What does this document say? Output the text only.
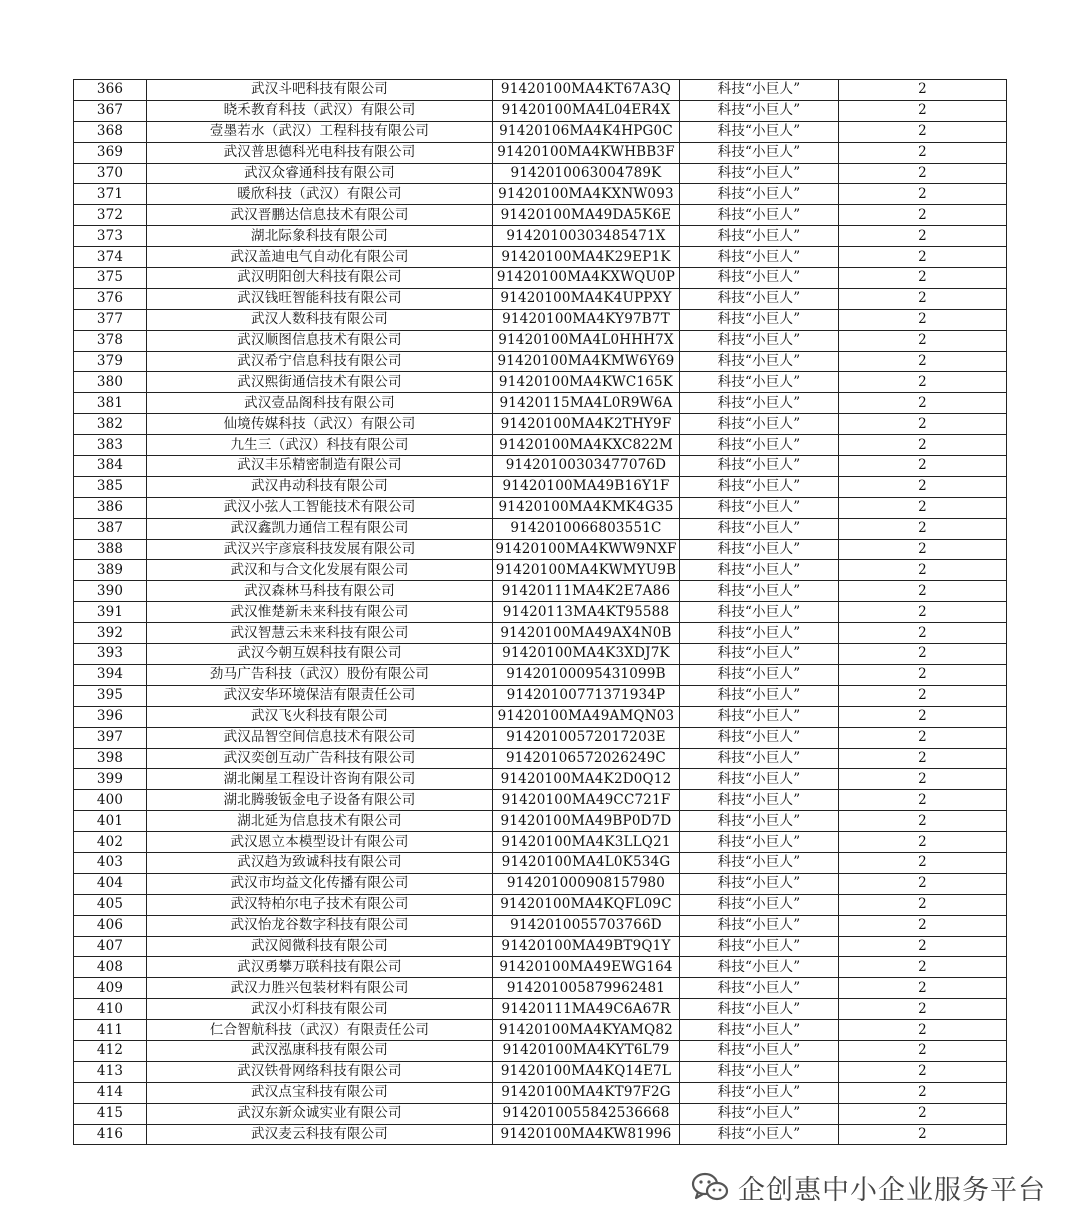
366	武汉斗吧科技有限公司	91420100MA4KT67A3Q	科技“小巨人”	2
367	晓禾教育科技（武汉）有限公司	91420100MA4L04ER4X	科技“小巨人”	2
368	壹墨若水（武汉）工程科技有限公司	91420106MA4K4HPG0C	科技“小巨人”	2
369	武汉普思德科光电科技有限公司	91420100MA4KWHBB3F	科技“小巨人”	2
370	武汉众睿通科技有限公司	9142010063004789K	科技“小巨人”	2
371	暖欣科技（武汉）有限公司	91420100MA4KXNW093	科技“小巨人”	2
372	武汉晋鹏达信息技术有限公司	91420100MA49DA5K6E	科技“小巨人”	2
373	湖北际象科技有限公司	91420100303485471X	科技“小巨人”	2
374	武汉盖迪电气自动化有限公司	91420100MA4K29EP1K	科技“小巨人”	2
375	武汉明阳创大科技有限公司	91420100MA4KXWQU0P	科技“小巨人”	2
376	武汉钱旺智能科技有限公司	91420100MA4K4UPPXY	科技“小巨人”	2
377	武汉人数科技有限公司	91420100MA4KY97B7T	科技“小巨人”	2
378	武汉顺图信息技术有限公司	91420100MA4L0HHH7X	科技“小巨人”	2
379	武汉希宁信息科技有限公司	91420100MA4KMW6Y69	科技“小巨人”	2
380	武汉熙街通信技术有限公司	91420100MA4KWC165K	科技“小巨人”	2
381	武汉壹品阁科技有限公司	91420115MA4L0R9W6A	科技“小巨人”	2
382	仙境传媒科技（武汉）有限公司	91420100MA4K2THY9F	科技“小巨人”	2
383	九生三（武汉）科技有限公司	91420100MA4KXC822M	科技“小巨人”	2
384	武汉丰乐精密制造有限公司	91420100303477076D	科技“小巨人”	2
385	武汉冉动科技有限公司	91420100MA49B16Y1F	科技“小巨人”	2
386	武汉小弦人工智能技术有限公司	91420100MA4KMK4G35	科技“小巨人”	2
387	武汉鑫凯力通信工程有限公司	9142010066803551C	科技“小巨人”	2
388	武汉兴宇彦宸科技发展有限公司	91420100MA4KWW9NXF	科技“小巨人”	2
389	武汉和与合文化发展有限公司	91420100MA4KWMYU9B	科技“小巨人”	2
390	武汉森林马科技有限公司	91420111MA4K2E7A86	科技“小巨人”	2
391	武汉惟楚新未来科技有限公司	91420113MA4KT95588	科技“小巨人”	2
392	武汉智慧云未来科技有限公司	91420100MA49AX4N0B	科技“小巨人”	2
393	武汉今朝互娱科技有限公司	91420100MA4K3XDJ7K	科技“小巨人”	2
394	劲马广告科技（武汉）股份有限公司	91420100095431099B	科技“小巨人”	2
395	武汉安华环境保洁有限责任公司	91420100771371934P	科技“小巨人”	2
396	武汉飞火科技有限公司	91420100MA49AMQN03	科技“小巨人”	2
397	武汉品智空间信息技术有限公司	91420100572017203E	科技“小巨人”	2
398	武汉奕创互动广告科技有限公司	91420106572026249C	科技“小巨人”	2
399	湖北阑星工程设计咨询有限公司	91420100MA4K2D0Q12	科技“小巨人”	2
400	湖北腾骏钣金电子设备有限公司	91420100MA49CC721F	科技“小巨人”	2
401	湖北延为信息技术有限公司	91420100MA49BP0D7D	科技“小巨人”	2
402	武汉恩立本模型设计有限公司	91420100MA4K3LLQ21	科技“小巨人”	2
403	武汉趋为致诚科技有限公司	91420100MA4L0K534G	科技“小巨人”	2
404	武汉市均益文化传播有限公司	914201000908157980	科技“小巨人”	2
405	武汉特柏尔电子技术有限公司	91420100MA4KQFL09C	科技“小巨人”	2
406	武汉怡龙谷数字科技有限公司	9142010055703766D	科技“小巨人”	2
407	武汉阅微科技有限公司	91420100MA49BT9Q1Y	科技“小巨人”	2
408	武汉勇攀万联科技有限公司	91420100MA49EWG164	科技“小巨人”	2
409	武汉力胜兴包装材料有限公司	914201005879962481	科技“小巨人”	2
410	武汉小灯科技有限公司	91420111MA49C6A67R	科技“小巨人”	2
411	仁合智航科技（武汉）有限责任公司	91420100MA4KYAMQ82	科技“小巨人”	2
412	武汉泓康科技有限公司	91420100MA4KYT6L79	科技“小巨人”	2
413	武汉铁骨网络科技有限公司	91420100MA4KQ14E7L	科技“小巨人”	2
414	武汉点宝科技有限公司	91420100MA4KT97F2G	科技“小巨人”	2
415	武汉东新众诚实业有限公司	9142010055842536668	科技“小巨人”	2
416	武汉麦云科技有限公司	91420100MA4KW81996	科技“小巨人”	2
企创惠中小企业服务平台
